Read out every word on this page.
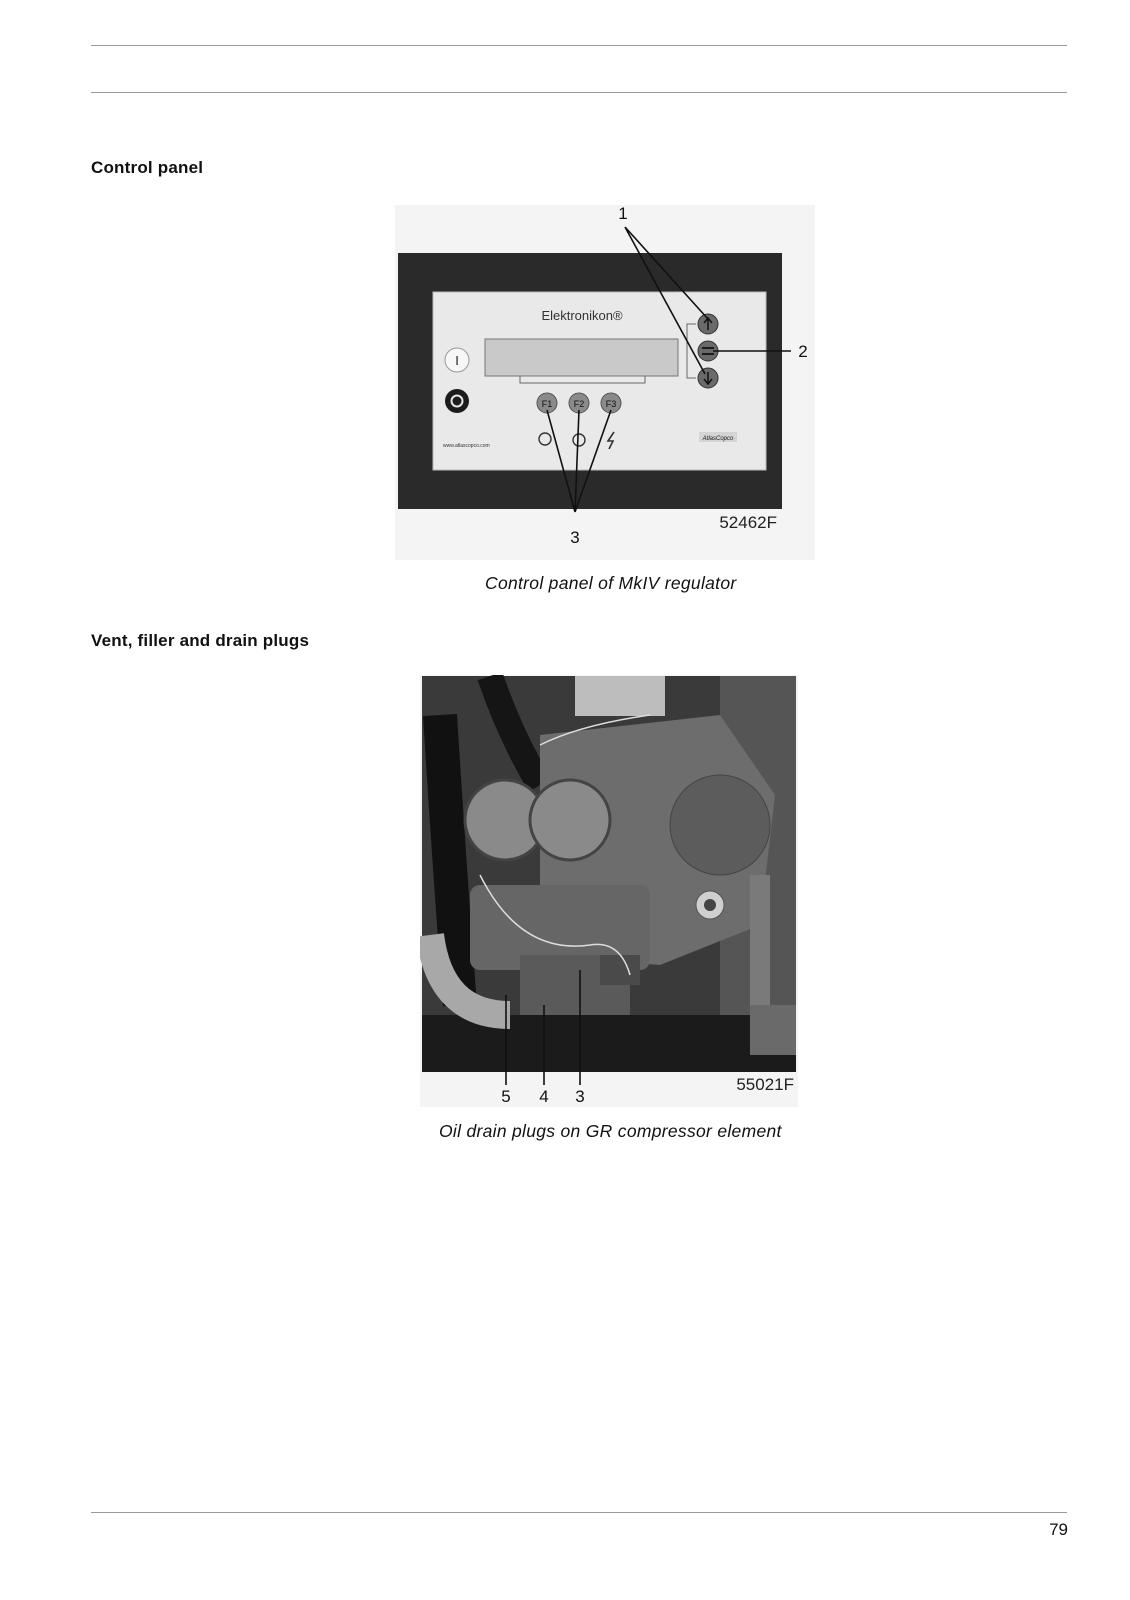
Control panel
Elektronikon®
I
F1 F2 F3
www.atlascopco.com
AtlasCopco
1
2
3
52462F
Control panel of MkIV regulator
Vent, filler and drain plugs
5 4 3
55021F
Oil drain plugs on GR compressor element
79
